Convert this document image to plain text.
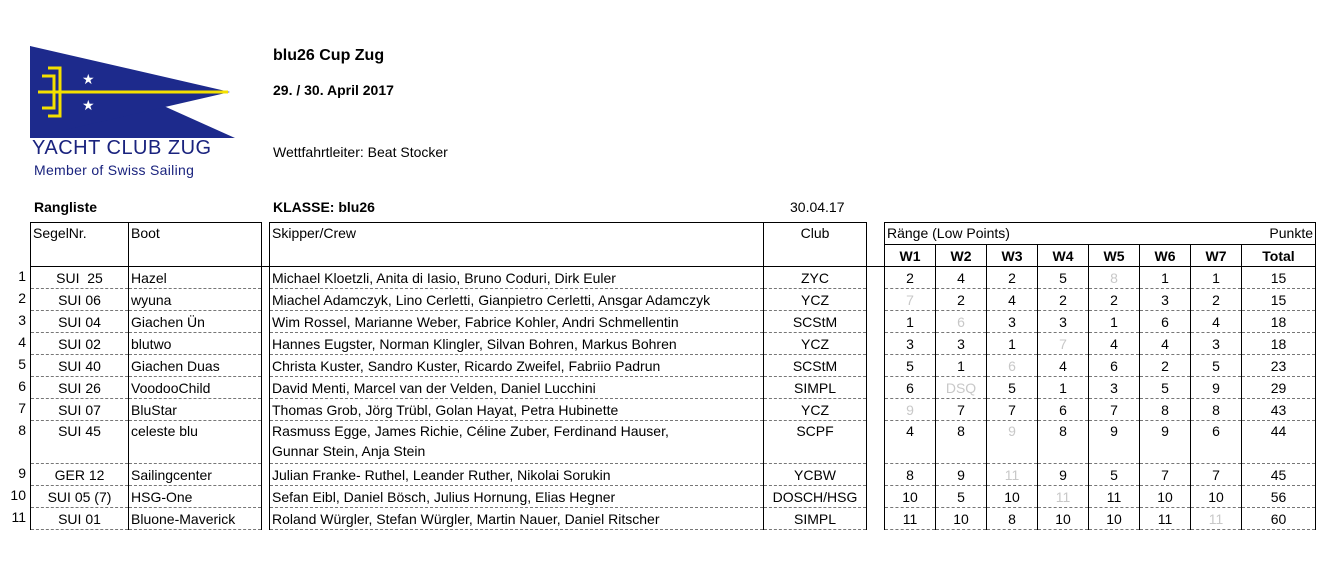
★
★
YACHT CLUB ZUG
Member of Swiss Sailing
blu26 Cup Zug
29. / 30. April 2017
Wettfahrtleiter: Beat Stocker
Rangliste	KLASSE: blu26	30.04.17
1
2
3
4
5
6
7
8
9
10
11
SegelNr.	Boot		Skipper/Crew	Club		Ränge (Low Points)							Punkte
						W1	W2	W3	W4	W5	W6	W7	Total
SUI  25	Hazel		Michael Kloetzli, Anita di Iasio, Bruno Coduri, Dirk Euler	ZYC		2	4	2	5	8	1	1	15
SUI 06	wyuna		Miachel Adamczyk, Lino Cerletti, Gianpietro Cerletti, Ansgar Adamczyk	YCZ		7	2	4	2	2	3	2	15
SUI 04	Giachen Ün		Wim Rossel, Marianne Weber, Fabrice Kohler, Andri Schmellentin	SCStM		1	6	3	3	1	6	4	18
SUI 02	blutwo		Hannes Eugster, Norman Klingler, Silvan Bohren, Markus Bohren	YCZ		3	3	1	7	4	4	3	18
SUI 40	Giachen Duas		Christa Kuster, Sandro Kuster, Ricardo Zweifel, Fabriio Padrun	SCStM		5	1	6	4	6	2	5	23
SUI 26	VoodooChild		David Menti, Marcel van der Velden, Daniel Lucchini	SIMPL		6	DSQ	5	1	3	5	9	29
SUI 07	BluStar		Thomas Grob, Jörg Trübl, Golan Hayat, Petra Hubinette	YCZ		9	7	7	6	7	8	8	43
SUI 45	celeste blu		Rasmuss Egge, James Richie, Céline Zuber, Ferdinand Hauser,
Gunnar Stein, Anja Stein	SCPF		4	8	9	8	9	9	6	44
GER 12	Sailingcenter		Julian Franke- Ruthel, Leander Ruther, Nikolai Sorukin	YCBW		8	9	11	9	5	7	7	45
SUI 05 (7)	HSG-One		Sefan Eibl, Daniel Bösch, Julius Hornung, Elias Hegner	DOSCH/HSG		10	5	10	11	11	10	10	56
SUI 01	Bluone-Maverick		Roland Würgler, Stefan Würgler, Martin Nauer, Daniel Ritscher	SIMPL		11	10	8	10	10	11	11	60
